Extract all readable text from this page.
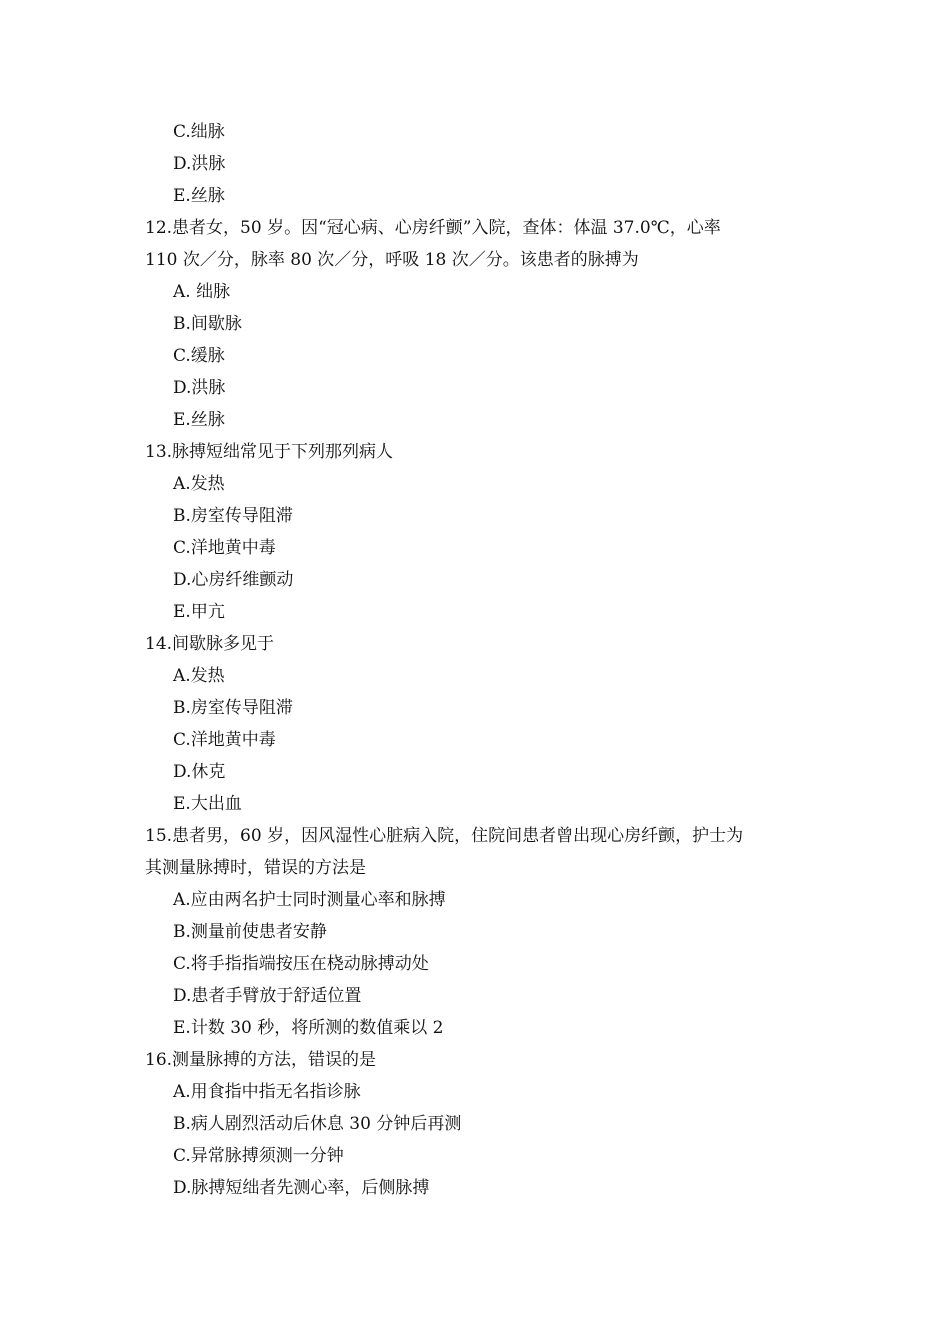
C.绌脉

D.洪脉

E.丝脉

12.患者女，50 岁。因“冠心病、心房纤颤”入院，查体：体温 37.0℃，心率
110 次／分，脉率 80 次／分，呼吸 18 次／分。该患者的脉搏为

A. 绌脉

B.间歇脉

C.缓脉

D.洪脉

E.丝脉

13.脉搏短绌常见于下列那列病人

A.发热

B.房室传导阻滞

C.洋地黄中毒

D.心房纤维颤动

E.甲亢

14.间歇脉多见于

A.发热

B.房室传导阻滞

C.洋地黄中毒

D.休克

E.大出血

15.患者男，60 岁，因风湿性心脏病入院，住院间患者曾出现心房纤颤，护士为
其测量脉搏时，错误的方法是

A.应由两名护士同时测量心率和脉搏

B.测量前使患者安静

C.将手指指端按压在桡动脉搏动处

D.患者手臂放于舒适位置

E.计数 30 秒，将所测的数值乘以 2

16.测量脉搏的方法，错误的是

A.用食指中指无名指诊脉

B.病人剧烈活动后休息 30 分钟后再测

C.异常脉搏须测一分钟

D.脉搏短绌者先测心率，后侧脉搏
